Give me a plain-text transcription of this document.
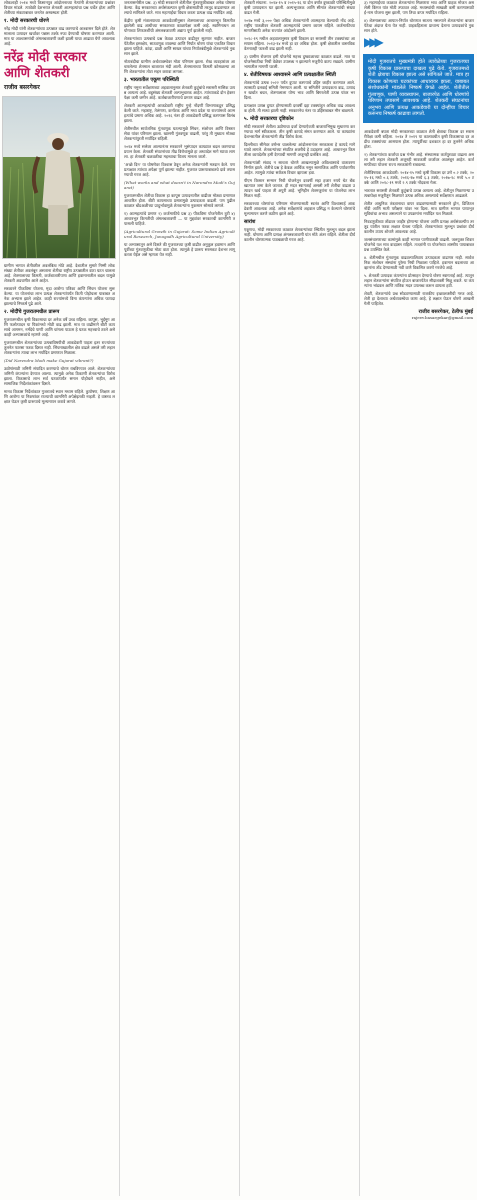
लोकशाही २०१४ मध्ये किसानपुत्र आंदोलनाच्या नेत्यांनी शेतकऱ्यांच्या प्रश्नांवर विचार मांडले. त्यावेळी देशभरात शेतकरी आत्महत्यांचा प्रश्न चर्चेत होता आणि शेतीच्या संकटाबाबत जनतेत अस्वस्थता होती.
१. मोदी सरकारची धोरणे
नरेंद्र मोदी यांनी शेतकऱ्यांच्या उत्पन्नात वाढ करण्याचे आश्वासन दिले होते. शेतमालाला उत्पादन खर्चावर पन्नास टक्के नफा देण्याची घोषणा करण्यात आली. मात्र या आश्वासनांची अंमलबजावणी कशी झाली याचा आढावा घेणे आवश्यक आहे.
नरेंद्र मोदी सरकार आणि शेतकरी
राजीव बसरगेकर
ग्रामीण भागात शेतीवरील अवलंबित्व मोठे आहे. देशातील सुमारे निम्मी लोकसंख्या शेतीवर अवलंबून असताना शेतीचा राष्ट्रीय उत्पन्नातील वाटा घटत चालला आहे. शेतमालाच्या किमती, कर्जबाजारीपणा आणि हवामानातील बदल यामुळे शेतकरी अडचणीत आले आहेत.
सरकारने पीकविमा योजना, मृदा आरोग्य पत्रिका आणि सिंचन योजना सुरू केल्या. या योजनांचा लाभ प्रत्यक्ष शेतकऱ्यांपर्यंत किती पोहोचला याबाबत अनेक अभ्यास झाले आहेत. काही राज्यांमध्ये विमा कंपन्यांना अधिक फायदा झाल्याचे निष्कर्ष पुढे आले.
२. मोदींचे गुजरातमधील प्रारूप
गुजरातमधील कृषी विकासाचा दर अनेक वर्षे उच्च राहिला. कापूस, भुईमूग आणि फलोत्पादन या पिकांमध्ये मोठी वाढ झाली. मात्र या वाढीमागे बीटी कापसाचे आगमन, नर्मदेचे पाणी आणि चांगला पाऊस हे घटक महत्त्वाचे ठरले असे काही अभ्यासकांचे म्हणणे आहे.
गुजरातमधील शेतकऱ्यांच्या उत्पन्नाविषयीची आकडेवारी पाहता इतर राज्यांच्या तुलनेत फारसा फरक दिसत नाही. सिंचनाखालील क्षेत्र वाढले असले तरी लहान शेतकऱ्यांना त्याचा लाभ मर्यादित प्रमाणात मिळाला.
(Did Narendra Modi make Gujarat vibrant?)
उद्योगांसाठी जमिनी संपादित करण्याचे धोरण राबविण्यात आले. शेतकऱ्यांच्या जमिनी कंपन्यांना देण्यात आल्या. त्यामुळे अनेक ठिकाणी शेतकऱ्यांचा विरोध झाला. विकासाचे लाभ सर्व घटकांपर्यंत समान पोहोचले नाहीत, असे सामाजिक निर्देशांकांवरून दिसते.
मानव विकास निर्देशांकात गुजरातचे स्थान मध्यम राहिले. कुपोषण, शिक्षण आणि आरोग्य या निकषांवर राज्याची कामगिरी अपेक्षेइतकी नव्हती. हे वास्तव लक्षात घेऊन कृषी प्रारूपाचे मूल्यमापन करावे लागते.
जनतासमोरील प्रश्न. ३) मोदी सरकारने शेतीतील गुंतवणुकीबाबत अनेक घोषणा केल्या. केंद्र सरकारच्या अर्थसंकल्पात कृषी क्षेत्रासाठीची तरतूद वाढवण्यात आल्याचे सांगितले जाते. मात्र महागाईचा विचार करता प्रत्यक्ष वाढ मर्यादित आहे.
केंद्रीय कृषी मंत्रालयाच्या आकडेवारीनुसार शेतमालाच्या आधारभूत किमतीत झालेली वाढ आधीच्या सरकारच्या काळापेक्षा कमी आहे. स्वामिनाथन आयोगाच्या शिफारशींची अंमलबजावणी अद्याप पूर्ण झालेली नाही.
शेतकऱ्यांच्या उत्पन्नाचे प्रश्न केवळ उत्पादन वाढीतून सुटणार नाहीत. बाजारपेठेतील हस्तक्षेप, साठवणूक व्यवस्था आणि निर्यात धोरण यांचा एकत्रित विचार झाला पाहिजे. कांदा, डाळी आणि साखर यांच्या निर्यातबंदीमुळे शेतकऱ्यांचे नुकसान झाले.
नोटाबंदीचा ग्रामीण अर्थव्यवस्थेवर मोठा परिणाम झाला. रोख व्यवहारांवर आधारलेल्या शेतमाल बाजारात मंदी आली. शेतमालाच्या किमती कोसळल्या आणि शेतकऱ्यांना तोटा सहन करावा लागला.
३. भारतातील एकूण परिस्थिती
राष्ट्रीय नमुना सर्वेक्षणाच्या अहवालानुसार शेतकरी कुटुंबांचे सरासरी मासिक उत्पन्न अत्यल्प आहे. बहुसंख्य शेतकरी अल्पभूधारक आहेत. त्यांच्याकडे दोन हेक्टरपेक्षा कमी जमीन आहे. कर्जबाजारीपणाचे प्रमाण वाढत आहे.
शेतकरी आत्महत्यांची आकडेवारी राष्ट्रीय गुन्हे नोंदणी विभागाकडून प्रसिद्ध केली जाते. महाराष्ट्र, तेलंगणा, कर्नाटक आणि मध्य प्रदेश या राज्यांमध्ये आत्महत्यांचे प्रमाण अधिक आहे. २०१६ नंतर ही आकडेवारी प्रसिद्ध करण्यास विलंब झाला.
शेतीमधील सार्वजनिक गुंतवणूक घटल्यामुळे सिंचन, संशोधन आणि विस्तार सेवा यांवर परिणाम झाला. खासगी गुंतवणूक वाढली, परंतु ती मुख्यतः मोठ्या शेतकऱ्यांपुरती मर्यादित राहिली.
२०१४ मध्ये सत्तेवर आल्यानंतर सरकारने भूसंपादन कायद्यात बदल करण्याचा प्रयत्न केला. शेतकरी संघटनांच्या तीव्र विरोधामुळे हा अध्यादेश मागे घ्यावा लागला. हा शेतकरी चळवळीचा महत्त्वाचा विजय मानला जातो.
‘अच्छे दिन’ या घोषणेवर विश्वास ठेवून अनेक शेतकऱ्यांनी मतदान केले. पण प्रत्यक्षात त्यांच्या अपेक्षा पूर्ण झाल्या नाहीत. गुजरात प्रारूपाबाबतचे दावे तपासण्याची गरज आहे.
(What works and what doesn't in Narendra Modi's Gujarat)
गुजरातमधील शेतीचा विकास हा कापूस उत्पादनातील वाढीवर मोठ्या प्रमाणात आधारित होता. बीटी कापसाच्या प्रसारामुळे उत्पादकता वाढली. पण पुढील काळात बोंडअळीच्या प्रादुर्भावामुळे शेतकऱ्यांना नुकसान सोसावे लागले.
१) आत्महत्यांचे प्रमाण २) कर्जमाफीचे प्रश्न ३) पीकविमा योजनेतील त्रुटी ४) आधारभूत किमतीची अंमलबजावणी — या मुद्द्यांवर सरकारची कामगिरी तपासली पाहिजे.
(Agricultural Growth in Gujarat: Some Indian Agricultural Research, Junagadh Agricultural University)
या अभ्यासातून असे दिसते की गुजरातच्या कृषी वाढीत अनुकूल हवामान आणि पूर्वीच्या गुंतवणुकीचा मोठा वाटा होता. त्यामुळे हे प्रारूप सरसकट देशभर लागू करता येईल असे म्हणता येत नाही.
शेतकरी संघटना. २०१४-१५ व २०१५-१६ या दोन वर्षांत दुष्काळी परिस्थितीमुळे कृषी उत्पादनात घट झाली. अल्पभूधारक आणि सीमांत शेतकऱ्यांची संख्या वाढत गेली.
२०१७ मध्ये ३,००० पेक्षा अधिक शेतकऱ्यांनी आत्महत्या केल्याची नोंद आहे. राष्ट्रीय पातळीवर शेतकरी आत्महत्यांचे प्रमाण कायम राहिले. कर्जमाफीच्या मागणीसाठी अनेक राज्यांत आंदोलने झाली.
२०१८-१९ मधील अहवालानुसार कृषी विकास दर सरासरी तीन टक्क्यांच्या आसपास राहिला. २०१३-१४ मध्ये हा दर अधिक होता. कृषी क्षेत्रातील वास्तविक वेतनातही फारशी वाढ झाली नाही.
३) ग्रामीण रोजगार हमी योजनेचे महत्त्व दुष्काळाच्या काळात वाढले. मात्र या योजनेसाठीचा निधी वेळेवर उपलब्ध न झाल्याने मजुरीचे वाटप रखडले. ग्रामीण भागातील मागणी घटली.
४. शेतीविषयक आश्वासने आणि प्रत्यक्षातील स्थिती
शेतकऱ्यांचे उत्पन्न २०२२ पर्यंत दुप्पट करण्याचे उद्दिष्ट जाहीर करण्यात आले. त्यासाठी दलवाई समिती नेमण्यात आली. या समितीने उत्पादकता वाढ, उत्पादन खर्चात बचत, शेतमालाला योग्य भाव आणि बिगरशेती उत्पन्न यांवर भर दिला.
प्रत्यक्षात उत्पन्न दुप्पट होण्यासाठी दरवर्षी दहा टक्क्यांहून अधिक वाढ आवश्यक होती. ती साध्य झाली नाही. सरकारनेच नंतर या उद्दिष्टाबाबत मौन बाळगले.
५. मोदी सरकारचा दृष्टिकोन
मोदी सरकारने शेतीला उद्योगाचा दर्जा देण्याऐवजी बाजाराभिमुख सुधारणा करण्याचा मार्ग स्वीकारला. तीन कृषी कायदे संमत करण्यात आले. या कायद्यांना देशभरातील शेतकऱ्यांनी तीव्र विरोध केला.
दिल्लीच्या सीमेवर वर्षभर चाललेल्या आंदोलनानंतर सरकारला हे कायदे मागे घ्यावे लागले. शेतकऱ्यांच्या संघटित शक्तीचे हे उदाहरण आहे. आधारभूत किमतीला कायदेशीर हमी देण्याची मागणी अजूनही प्रलंबित आहे.
शेतकऱ्यांशी संवाद न साधता धोरणे आखल्यामुळे अविश्वासाचे वातावरण निर्माण झाले. शेतीचे प्रश्न हे केवळ आर्थिक नसून सामाजिक आणि पर्यावरणीय आहेत. त्यामुळे त्यांचा सर्वंकष विचार व्हायला हवा.
पीएम किसान सन्मान निधी योजनेतून दरवर्षी सहा हजार रुपये थेट बँक खात्यात जमा केले जातात. ही मदत स्वागतार्ह असली तरी शेतीचा वाढता उत्पादन खर्च पाहता ती अपुरी आहे. भूमिहीन शेतमजुरांना या योजनेचा लाभ मिळत नाही.
सरकारच्या धोरणांचा परिणाम मोजण्यासाठी स्वतंत्र आणि विश्वासार्ह आकडेवारी आवश्यक आहे. अनेक सर्वेक्षणांचे अहवाल प्रसिद्ध न केल्याने धोरणांचे मूल्यमापन करणे कठीण झाले आहे.
सारांश
एकूणच, मोदी सरकारच्या काळात शेतकऱ्यांच्या स्थितीत मूलभूत बदल झाला नाही. घोषणा आणि प्रत्यक्ष अंमलबजावणी यांत मोठे अंतर राहिले. शेतीला दीर्घकालीन धोरणात्मक पाठबळाची गरज आहे.
३) महागाईच्या काळात शेतकऱ्यांना मिळणारा भाव आणि ग्राहक मोजत असलेली किंमत यांत मोठी तफावत आहे. मध्यस्थांची साखळी कमी करण्यासाठी ई-नाम योजना सुरू झाली, पण तिचा वापर मर्यादित राहिला.
४) शेतमालाच्या आयात-निर्यात धोरणात सातत्य नसल्याने शेतकऱ्यांना बाजारपेठेचा अंदाज घेता येत नाही. ग्राहकहिताला प्राधान्य देताना उत्पादकांचे नुकसान होते.
▶▶▶
मोदी गुजरातचे मुख्यमंत्री होते त्यावेळेच्या गुजरातच्या कृषी विकास प्रारूपाचा दाखला पुढे येतो. गुजरातमध्ये शेती क्षेत्राचा विकास झाला असे सांगितले जाते. मात्र हा विकास कोणत्या घटकांच्या आधारावर झाला, याबाबत संशोधकांनी मांडलेले निष्कर्ष वेगळे आहेत. शेतीतील गुंतवणूक, पाणी व्यवस्थापन, बाजारपेठ आणि धोरणांचे परिणाम तपासणे आवश्यक आहे. शेतकरी संघटनांचा अनुभव आणि प्रत्यक्ष आकडेवारी या दोन्हींचा विचार करूनच निष्कर्ष काढावा लागतो.
आकडेवारी बघता मोदी सरकारच्या काळात शेती क्षेत्राचा विकास दर सरासरीपेक्षा कमी राहिला. २०१४ ते २०१९ या कालावधीत कृषी विकासाचा दर अडीच टक्क्यांच्या आसपास होता. त्यापूर्वीच्या दशकात हा दर तुलनेने अधिक होता.
२) शेतकऱ्यांच्या कर्जाचा प्रश्न गंभीर आहे. संस्थात्मक कर्जपुरवठा वाढला असला तरी लहान शेतकरी अजूनही सावकारी कर्जावर अवलंबून आहेत. कर्जमाफीच्या योजना राज्य सरकारांनी राबवल्या.
शेतीविषयक आकडेवारी: २०१४-१५ मध्ये कृषी विकास दर उणे ०.२ टक्के, २०१५-१६ मध्ये ०.६ टक्के, २०१६-१७ मध्ये ६.३ टक्के, २०१७-१८ मध्ये ५.० टक्के आणि २०१८-१९ मध्ये २.९ टक्के नोंदवला गेला.
भारतात सरासरी शेतकरी कुटुंबाचे उत्पन्न अत्यल्प आहे. शेतीतून मिळणाऱ्या उत्पन्नापेक्षा मजुरीतून मिळणारे उत्पन्न अधिक असल्याचे सर्वेक्षणात आढळले.
शेतीत आधुनिक तंत्रज्ञानाचा वापर वाढवण्यासाठी सरकारने ड्रोन, डिजिटल नोंदी आणि माती परीक्षण यांवर भर दिला. मात्र ग्रामीण भागात पायाभूत सुविधांचा अभाव असल्याने या उपक्रमांना मर्यादित यश मिळाले.
निवडणुकीच्या तोंडावर जाहीर होणाऱ्या योजना आणि प्रत्यक्ष अर्थसंकल्पीय तरतूद यांतील फरक लक्षात घेतला पाहिजे. शेतकऱ्यांच्या मूलभूत प्रश्नांवर दीर्घकालीन उपाय शोधणे आवश्यक आहे.
जलसंधारणाच्या कामांमुळे काही भागात पाणीपातळी वाढली. जलयुक्त शिवार योजनेचे यश मात्र वादग्रस्त राहिले. तज्ज्ञांनी या योजनेच्या शास्त्रीय पायाबाबत प्रश्न उपस्थित केले.
४. शेतीमधील गुंतवणूक वाढवल्याशिवाय उत्पादकता वाढणार नाही. सार्वजनिक संशोधन संस्थांना पुरेसा निधी मिळाला पाहिजे. हवामान बदलाच्या आव्हानांना तोंड देण्यासाठी नवी वाणे विकसित करणे गरजेचे आहे.
५. शेतकरी उत्पादक कंपन्यांना प्रोत्साहन देण्याचे धोरण स्वागतार्ह आहे. त्यातून लहान शेतकऱ्यांना संघटित होऊन बाजारपेठेत सौदाशक्ती मिळू शकते. या कंपन्यांना भांडवल आणि तांत्रिक मदत उपलब्ध करून द्यायला हवी.
शेवटी, शेतकऱ्यांचे प्रश्न सोडवण्यासाठी राजकीय इच्छाशक्तीची गरज आहे. शेती हा देशाच्या अर्थव्यवस्थेचा कणा आहे, हे लक्षात घेऊन धोरणे आखली गेली पाहिजेत.
राजीव बसरगेकर, टेलीफ मुंबई
rajeev.basargekar@gmail.com
